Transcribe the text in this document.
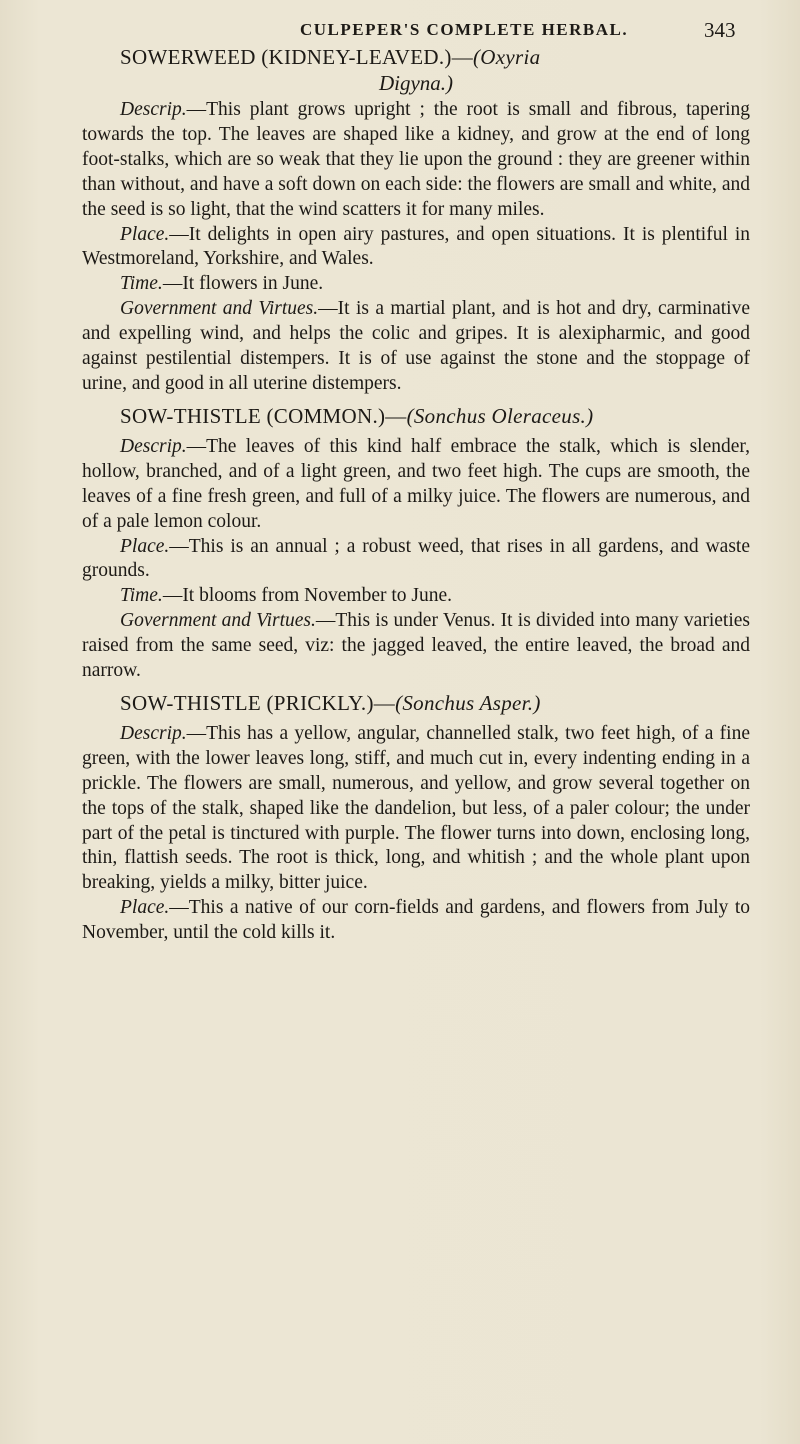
CULPEPER'S COMPLETE HERBAL.	343
SOWERWEED (KIDNEY-LEAVED.)—(Oxyria
Digyna.)

Descrip.—This plant grows upright ; the root is small and fibrous, tapering towards the top. The leaves are shaped like a kidney, and grow at the end of long foot-stalks, which are so weak that they lie upon the ground : they are greener within than without, and have a soft down on each side: the flowers are small and white, and the seed is so light, that the wind scatters it for many miles.

Place.—It delights in open airy pastures, and open situations. It is plentiful in Westmoreland, Yorkshire, and Wales.

Time.—It flowers in June.

Government and Virtues.—It is a martial plant, and is hot and dry, carminative and expelling wind, and helps the colic and gripes. It is alexipharmic, and good against pestilential distempers. It is of use against the stone and the stoppage of urine, and good in all uterine distempers.

SOW-THISTLE (COMMON.)—(Sonchus Oleraceus.)

Descrip.—The leaves of this kind half embrace the stalk, which is slender, hollow, branched, and of a light green, and two feet high. The cups are smooth, the leaves of a fine fresh green, and full of a milky juice. The flowers are numerous, and of a pale lemon colour.

Place.—This is an annual ; a robust weed, that rises in all gardens, and waste grounds.

Time.—It blooms from November to June.

Government and Virtues.—This is under Venus. It is divided into many varieties raised from the same seed, viz: the jagged leaved, the entire leaved, the broad and narrow.

SOW-THISTLE (PRICKLY.)—(Sonchus Asper.)

Descrip.—This has a yellow, angular, channelled stalk, two feet high, of a fine green, with the lower leaves long, stiff, and much cut in, every indenting ending in a prickle. The flowers are small, numerous, and yellow, and grow several together on the tops of the stalk, shaped like the dandelion, but less, of a paler colour; the under part of the petal is tinctured with purple. The flower turns into down, enclosing long, thin, flattish seeds. The root is thick, long, and whitish ; and the whole plant upon breaking, yields a milky, bitter juice.

Place.—This a native of our corn-fields and gardens, and flowers from July to November, until the cold kills it.
